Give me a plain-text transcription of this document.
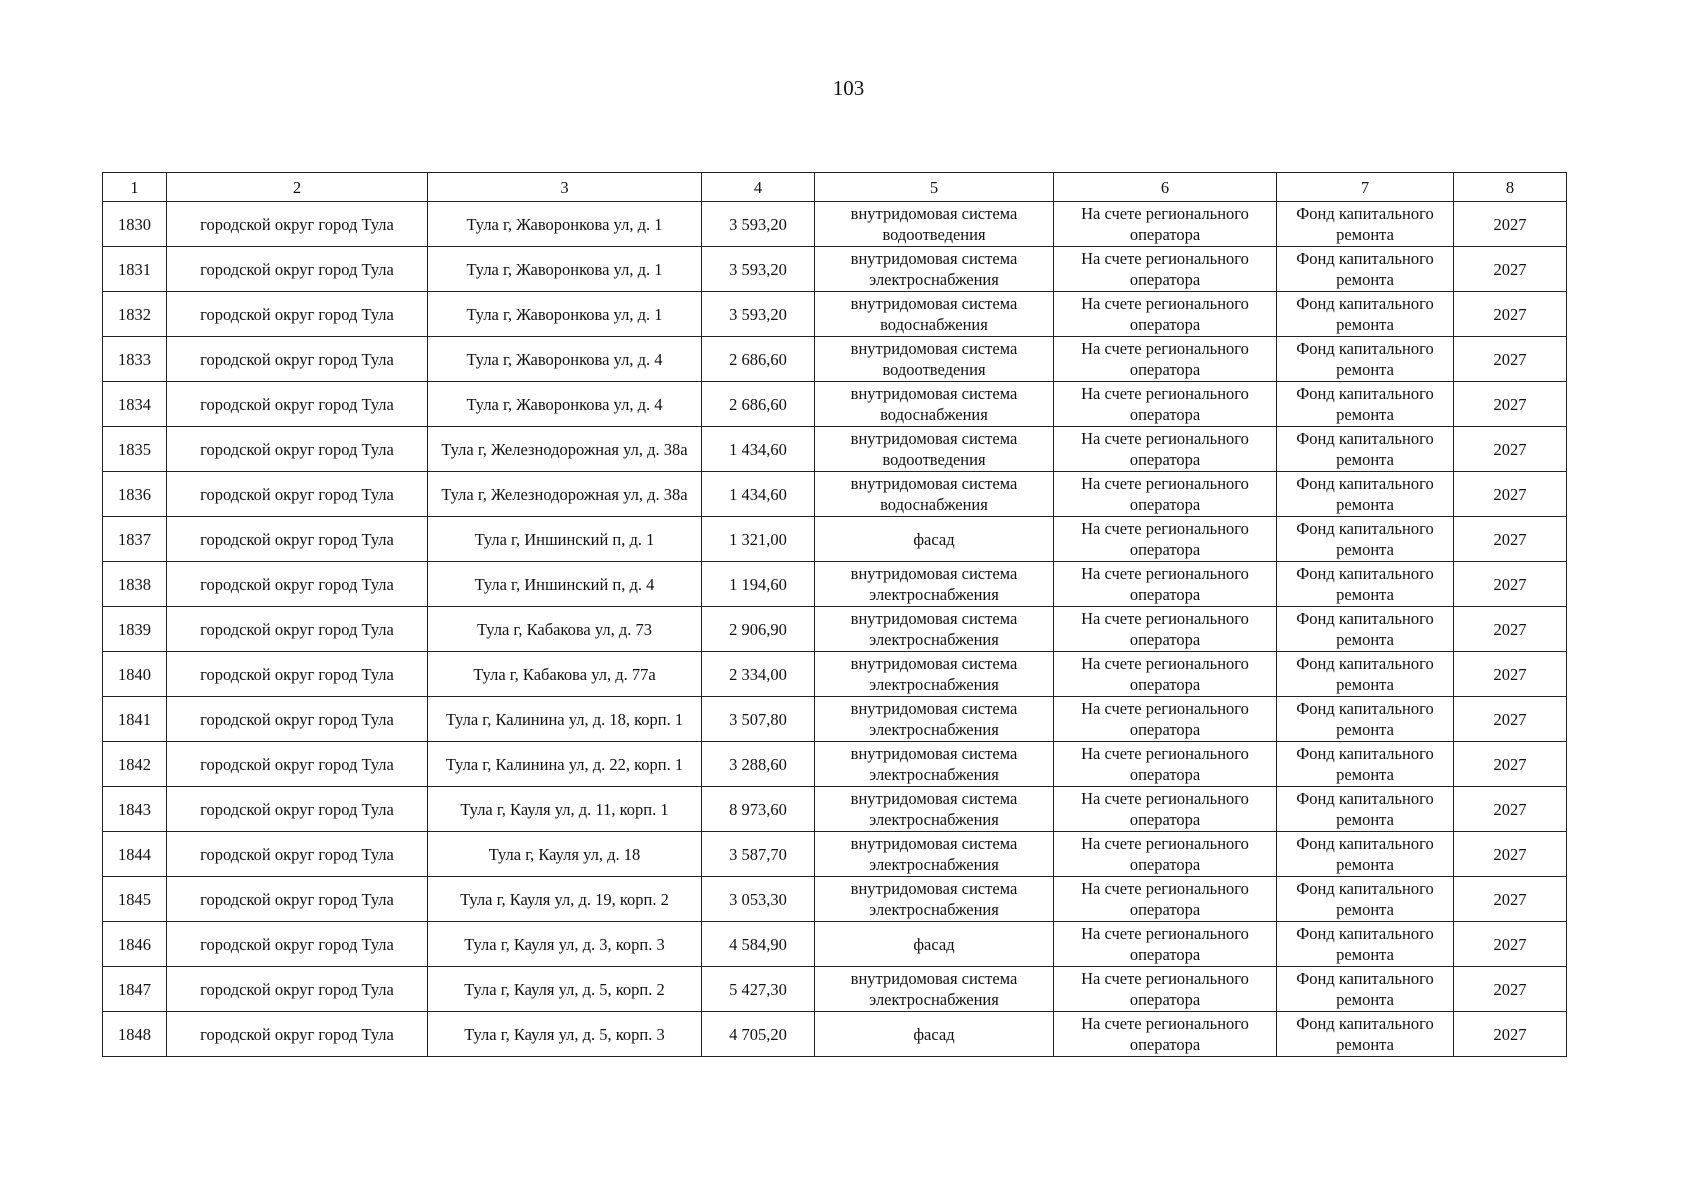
103
1	2	3	4	5	6	7	8
1830	городской округ город Тула	Тула г, Жаворонкова ул, д. 1	3 593,20	внутридомовая система водоотведения	На счете регионального оператора	Фонд капитального ремонта	2027
1831	городской округ город Тула	Тула г, Жаворонкова ул, д. 1	3 593,20	внутридомовая система электроснабжения	На счете регионального оператора	Фонд капитального ремонта	2027
1832	городской округ город Тула	Тула г, Жаворонкова ул, д. 1	3 593,20	внутридомовая система водоснабжения	На счете регионального оператора	Фонд капитального ремонта	2027
1833	городской округ город Тула	Тула г, Жаворонкова ул, д. 4	2 686,60	внутридомовая система водоотведения	На счете регионального оператора	Фонд капитального ремонта	2027
1834	городской округ город Тула	Тула г, Жаворонкова ул, д. 4	2 686,60	внутридомовая система водоснабжения	На счете регионального оператора	Фонд капитального ремонта	2027
1835	городской округ город Тула	Тула г, Железнодорожная ул, д. 38а	1 434,60	внутридомовая система водоотведения	На счете регионального оператора	Фонд капитального ремонта	2027
1836	городской округ город Тула	Тула г, Железнодорожная ул, д. 38а	1 434,60	внутридомовая система водоснабжения	На счете регионального оператора	Фонд капитального ремонта	2027
1837	городской округ город Тула	Тула г, Иншинский п, д. 1	1 321,00	фасад	На счете регионального оператора	Фонд капитального ремонта	2027
1838	городской округ город Тула	Тула г, Иншинский п, д. 4	1 194,60	внутридомовая система электроснабжения	На счете регионального оператора	Фонд капитального ремонта	2027
1839	городской округ город Тула	Тула г, Кабакова ул, д. 73	2 906,90	внутридомовая система электроснабжения	На счете регионального оператора	Фонд капитального ремонта	2027
1840	городской округ город Тула	Тула г, Кабакова ул, д. 77а	2 334,00	внутридомовая система электроснабжения	На счете регионального оператора	Фонд капитального ремонта	2027
1841	городской округ город Тула	Тула г, Калинина ул, д. 18, корп. 1	3 507,80	внутридомовая система электроснабжения	На счете регионального оператора	Фонд капитального ремонта	2027
1842	городской округ город Тула	Тула г, Калинина ул, д. 22, корп. 1	3 288,60	внутридомовая система электроснабжения	На счете регионального оператора	Фонд капитального ремонта	2027
1843	городской округ город Тула	Тула г, Кауля ул, д. 11, корп. 1	8 973,60	внутридомовая система электроснабжения	На счете регионального оператора	Фонд капитального ремонта	2027
1844	городской округ город Тула	Тула г, Кауля ул, д. 18	3 587,70	внутридомовая система электроснабжения	На счете регионального оператора	Фонд капитального ремонта	2027
1845	городской округ город Тула	Тула г, Кауля ул, д. 19, корп. 2	3 053,30	внутридомовая система электроснабжения	На счете регионального оператора	Фонд капитального ремонта	2027
1846	городской округ город Тула	Тула г, Кауля ул, д. 3, корп. 3	4 584,90	фасад	На счете регионального оператора	Фонд капитального ремонта	2027
1847	городской округ город Тула	Тула г, Кауля ул, д. 5, корп. 2	5 427,30	внутридомовая система электроснабжения	На счете регионального оператора	Фонд капитального ремонта	2027
1848	городской округ город Тула	Тула г, Кауля ул, д. 5, корп. 3	4 705,20	фасад	На счете регионального оператора	Фонд капитального ремонта	2027
